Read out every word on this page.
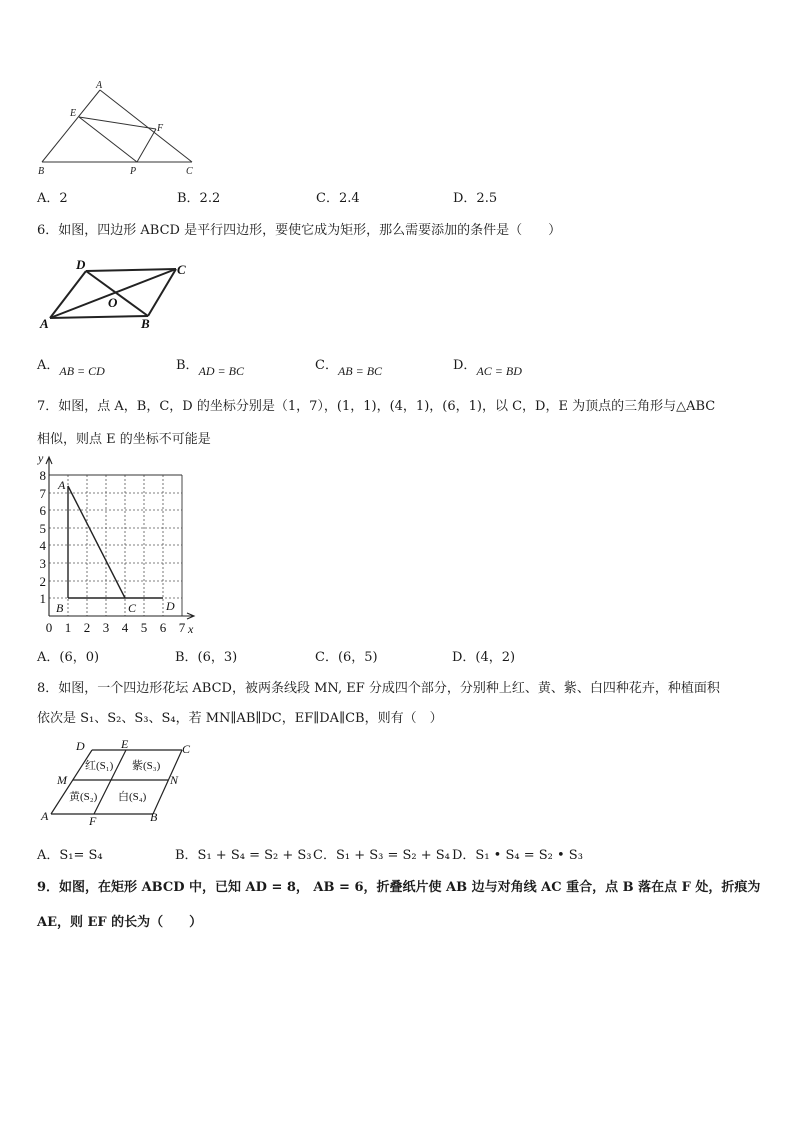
A
E
F
B	P	C
A．2	B．2.2	C．2.4	D．2.5
6．如图，四边形 ABCD 是平行四边形，要使它成为矩形，那么需要添加的条件是（　　）
D	C
O
A	B
A．AB = CD	B．AD = BC	C．AB = BC	D．AC = BD
7．如图，点 A，B，C，D 的坐标分别是（1，7），(1，1)，(4，1)，(6，1)，以 C，D，E 为顶点的三角形与△ABC
相似，则点 E 的坐标不可能是
y
x
1
2
3
4
5
6
7
8
0 1 2 3 4 5 6 7
A
B	C D
A．(6，0)	B．(6，3)	C．(6，5)	D．(4，2)
8．如图，一个四边形花坛 ABCD，被两条线段 MN, EF 分成四个部分，分别种上红、黄、紫、白四种花卉，种植面积
依次是 S₁、S₂、S₃、S₄，若 MN∥AB∥DC，EF∥DA∥CB，则有（　）
D	E	C
M	N
A	F	B
红(S₁) 紫(S₃)
黄(S₂) 白(S₄)
A．S₁= S₄	B．S₁ + S₄ = S₂ + S₃ C．S₁ + S₃ = S₂ + S₄ D．S₁ • S₄ = S₂ • S₃
9．如图，在矩形 ABCD 中，已知 AD = 8， AB = 6，折叠纸片使 AB 边与对角线 AC 重合，点 B 落在点 F 处，折痕为
AE，则 EF 的长为（　　）
